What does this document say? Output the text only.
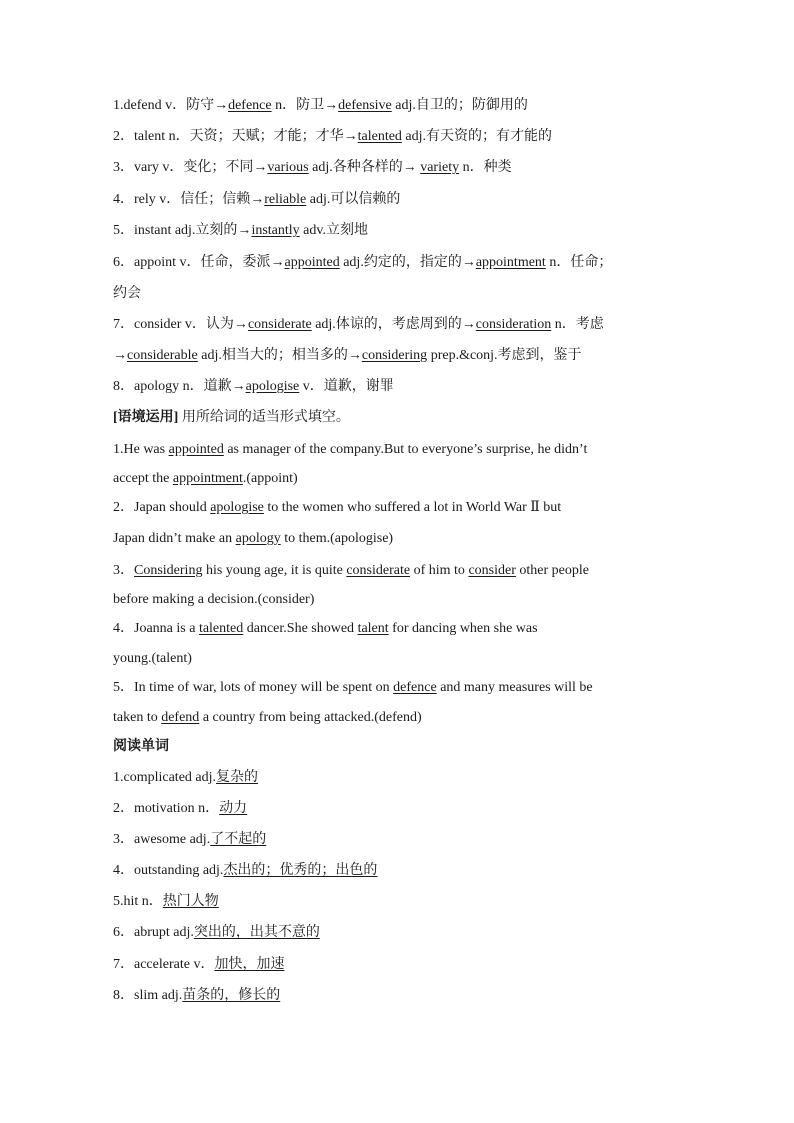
1.defend v．防守→defence n．防卫→defensive adj.自卫的；防御用的
2．talent n．天资；天赋；才能；才华→talented adj.有天资的；有才能的
3．vary v．变化；不同→various adj.各种各样的→ variety n．种类
4．rely v．信任；信赖→reliable adj.可以信赖的
5．instant adj.立刻的→instantly adv.立刻地
6．appoint v．任命，委派→appointed adj.约定的，指定的→appointment n．任命；
约会
7．consider v．认为→considerate adj.体谅的，考虑周到的→consideration n．考虑
→considerable adj.相当大的；相当多的→considering prep.&conj.考虑到，鉴于
8．apology n．道歉→apologise v．道歉，谢罪
[语境运用] 用所给词的适当形式填空。
1.He was appointed as manager of the company.But to everyone’s surprise, he didn’t
accept the appointment.(appoint)
2．Japan should apologise to the women who suffered a lot in World War Ⅱ but
Japan didn’t make an apology to them.(apologise)
3．Considering his young age, it is quite considerate of him to consider other people
before making a decision.(consider)
4．Joanna is a talented dancer.She showed talent for dancing when she was
young.(talent)
5．In time of war, lots of money will be spent on defence and many measures will be
taken to defend a country from being attacked.(defend)
阅读单词
1.complicated adj.复杂的
2．motivation n．动力
3．awesome adj.了不起的
4．outstanding adj.杰出的；优秀的；出色的
5.hit n．热门人物
6．abrupt adj.突出的，出其不意的
7．accelerate v．加快，加速
8．slim adj.苗条的，修长的
